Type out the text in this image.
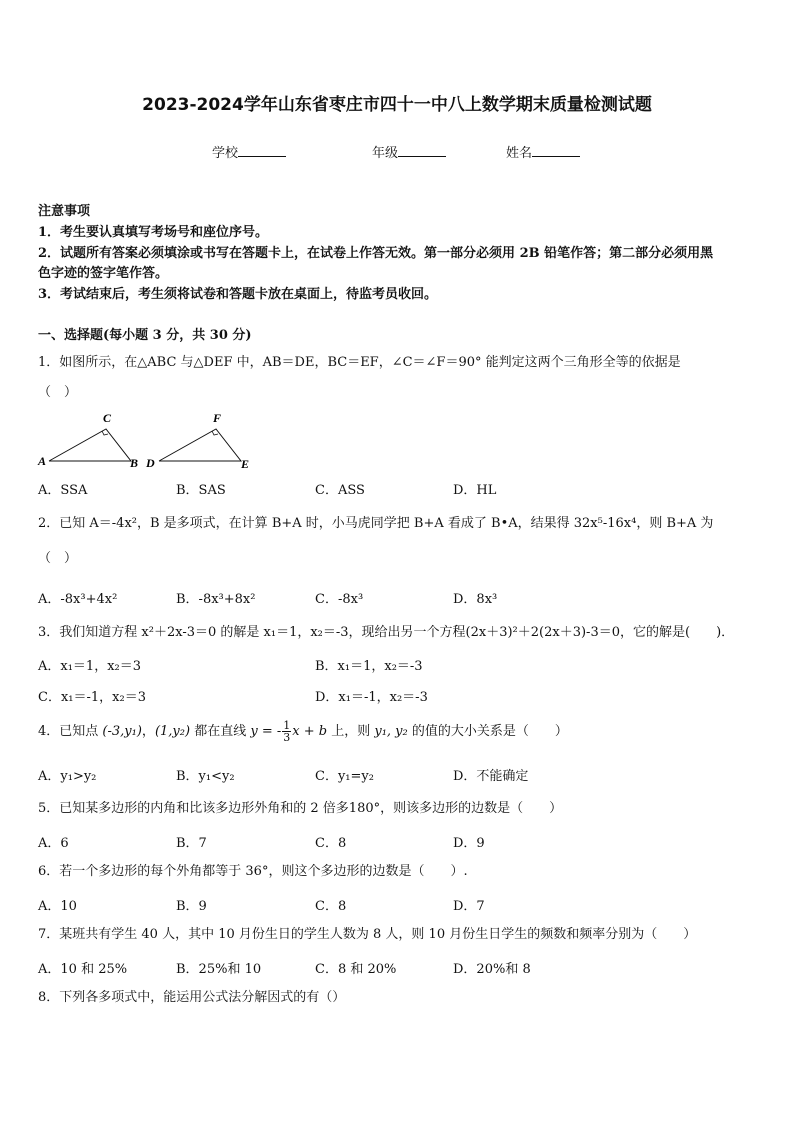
2023-2024学年山东省枣庄市四十一中八上数学期末质量检测试题
学校	年级	姓名
注意事项
1．考生要认真填写考场号和座位序号。
2．试题所有答案必须填涂或书写在答题卡上，在试卷上作答无效。第一部分必须用 2B 铅笔作答；第二部分必须用黑
色字迹的签字笔作答。
3．考试结束后，考生须将试卷和答题卡放在桌面上，待监考员收回。
一、选择题(每小题 3 分，共 30 分)
1．如图所示，在△ABC 与△DEF 中，AB＝DE，BC＝EF，∠C＝∠F＝90° 能判定这两个三角形全等的依据是
（　）
A	B
C
D	E
F
A．SSA	B．SAS	C．ASS	D．HL
2．已知 A＝-4x²，B 是多项式，在计算 B+A 时，小马虎同学把 B+A 看成了 B•A，结果得 32x⁵-16x⁴，则 B+A 为
（　）
A．-8x³+4x²	B．-8x³+8x²	C．-8x³	D．8x³
3．我们知道方程 x²＋2x-3＝0 的解是 x₁＝1，x₂＝-3，现给出另一个方程(2x＋3)²＋2(2x＋3)-3＝0，它的解是(　　)．
A．x₁＝1，x₂＝3	B．x₁＝1，x₂＝-3
C．x₁＝-1，x₂＝3	D．x₁＝-1，x₂＝-3
4．已知点 (-3,y₁)，(1,y₂) 都在直线 y = - $\frac{1}{3}$ x + b 上，则 y₁, y₂ 的值的大小关系是（　　）
A．y₁>y₂	B．y₁<y₂	C．y₁=y₂	D．不能确定
5．已知某多边形的内角和比该多边形外角和的 2 倍多180°，则该多边形的边数是（　　）
A．6	B．7	C．8	D．9
6．若一个多边形的每个外角都等于 36°，则这个多边形的边数是（　　）.
A．10	B．9	C．8	D．7
7．某班共有学生 40 人，其中 10 月份生日的学生人数为 8 人，则 10 月份生日学生的频数和频率分别为（　　）
A．10 和 25%	B．25%和 10	C．8 和 20%	D．20%和 8
8．下列各多项式中，能运用公式法分解因式的有（）
